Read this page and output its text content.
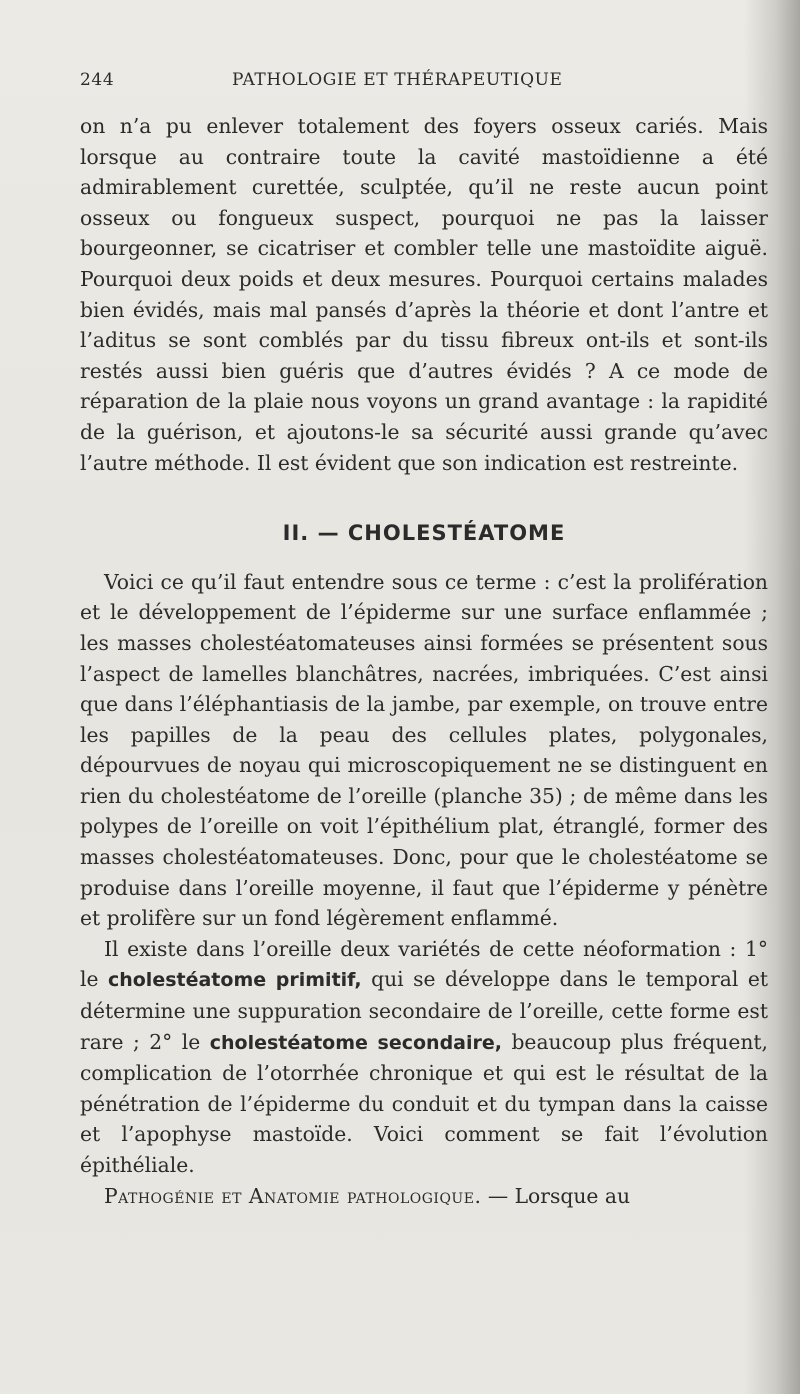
244	PATHOLOGIE ET THÉRAPEUTIQUE

on n’a pu enlever totalement des foyers osseux cariés. Mais lorsque au contraire toute la cavité mastoïdienne a été admirablement curettée, sculptée, qu’il ne reste aucun point osseux ou fongueux suspect, pourquoi ne pas la laisser bourgeonner, se cicatriser et combler telle une mastoïdite aiguë. Pourquoi deux poids et deux mesures. Pourquoi certains malades bien évidés, mais mal pansés d’après la théorie et dont l’antre et l’aditus se sont comblés par du tissu fibreux ont-ils et sont-ils restés aussi bien guéris que d’autres évidés ? A ce mode de réparation de la plaie nous voyons un grand avantage : la rapidité de la guérison, et ajoutons-le sa sécurité aussi grande qu’avec l’autre méthode. Il est évident que son indication est restreinte.

II. — CHOLESTÉATOME

Voici ce qu’il faut entendre sous ce terme : c’est la prolifération et le développement de l’épiderme sur une surface enflammée ; les masses cholestéatomateuses ainsi formées se présentent sous l’aspect de lamelles blanchâtres, nacrées, imbriquées. C’est ainsi que dans l’éléphantiasis de la jambe, par exemple, on trouve entre les papilles de la peau des cellules plates, polygonales, dépourvues de noyau qui microscopiquement ne se distinguent en rien du cholestéatome de l’oreille (planche 35) ; de même dans les polypes de l’oreille on voit l’épithélium plat, étranglé, former des masses cholestéatomateuses. Donc, pour que le cholestéatome se produise dans l’oreille moyenne, il faut que l’épiderme y pénètre et prolifère sur un fond légèrement enflammé.

Il existe dans l’oreille deux variétés de cette néoformation : 1° le cholestéatome primitif, qui se développe dans le temporal et détermine une suppuration secondaire de l’oreille, cette forme est rare ; 2° le cholestéatome secondaire, beaucoup plus fréquent, complication de l’otorrhée chronique et qui est le résultat de la pénétration de l’épiderme du conduit et du tympan dans la caisse et l’apophyse mastoïde. Voici comment se fait l’évolution épithéliale.

Pathogénie et Anatomie pathologique. — Lorsque au
